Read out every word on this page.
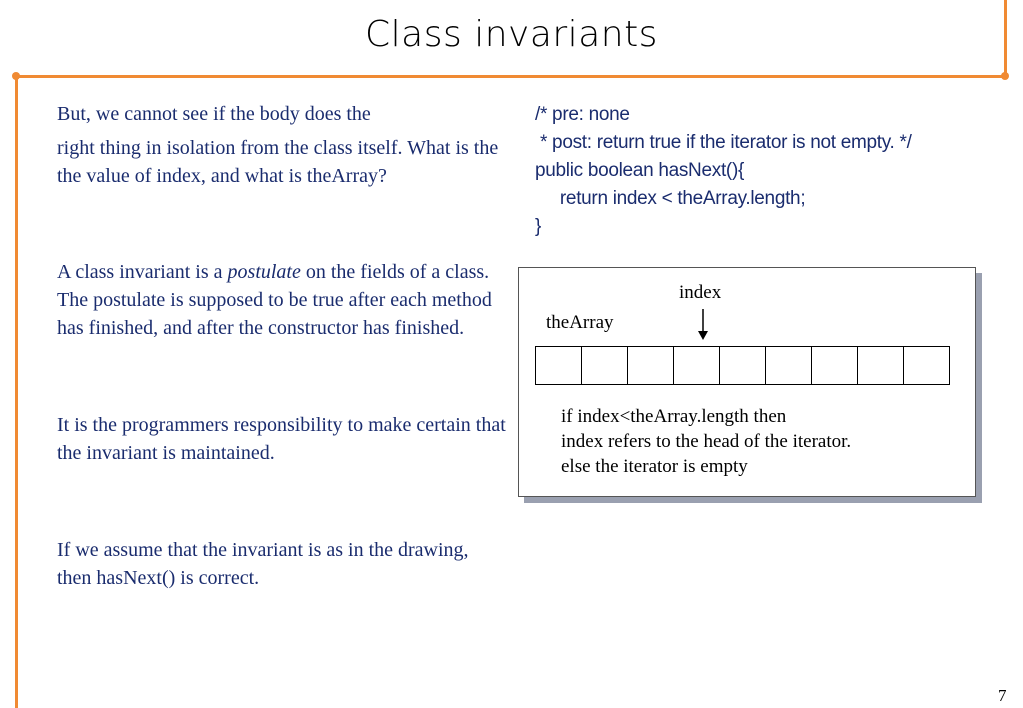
Class invariants

But, we cannot see if the body does the
right thing in isolation from the class itself. What is the the value of index, and what is theArray?

A class invariant is a postulate on the fields of a class. The postulate is supposed to be true after each method has finished, and after the constructor has finished.

It is the programmers responsibility to make certain that the invariant is maintained.

If we assume that the invariant is as in the drawing, then hasNext() is correct.

/* pre: none
* post: return true if the iterator is not empty. */
public boolean hasNext(){
return index < theArray.length;
}
index
theArray
if index<theArray.length then
index refers to the head of the iterator.
else the iterator is empty
7
